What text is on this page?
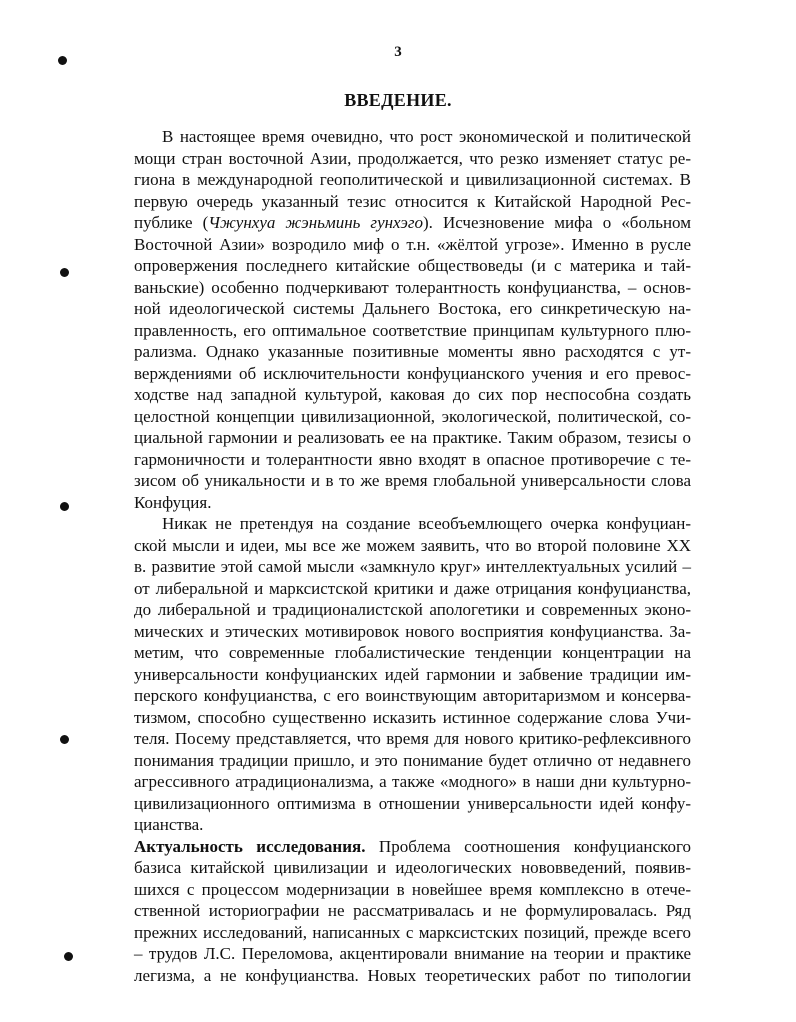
3
ВВЕДЕНИЕ.
В настоящее время очевидно, что рост экономической и политической
мощи стран восточной Азии, продолжается, что резко изменяет статус ре-
гиона в международной геополитической и цивилизационной системах. В
первую очередь указанный тезис относится к Китайской Народной Рес-
публике (Чжунхуа жэньминь гунхэго). Исчезновение мифа о «больном
Восточной Азии» возродило миф о т.н. «жёлтой угрозе». Именно в русле
опровержения последнего китайские обществоведы (и с материка и тай-
ваньские) особенно подчеркивают толерантность конфуцианства, – основ-
ной идеологической системы Дальнего Востока, его синкретическую на-
правленность, его оптимальное соответствие принципам культурного плю-
рализма. Однако указанные позитивные моменты явно расходятся с ут-
верждениями об исключительности конфуцианского учения и его превос-
ходстве над западной культурой, каковая до сих пор неспособна создать
целостной концепции цивилизационной, экологической, политической, со-
циальной гармонии и реализовать ее на практике. Таким образом, тезисы о
гармоничности и толерантности явно входят в опасное противоречие с те-
зисом об уникальности и в то же время глобальной универсальности слова
Конфуция.
Никак не претендуя на создание всеобъемлющего очерка конфуциан-
ской мысли и идеи, мы все же можем заявить, что во второй половине XX
в. развитие этой самой мысли «замкнуло круг» интеллектуальных усилий –
от либеральной и марксистской критики и даже отрицания конфуцианства,
до либеральной и традиционалистской апологетики и современных эконо-
мических и этических мотивировок нового восприятия конфуцианства. За-
метим, что современные глобалистические тенденции концентрации на
универсальности конфуцианских идей гармонии и забвение традиции им-
перского конфуцианства, с его воинствующим авторитаризмом и консерва-
тизмом, способно существенно исказить истинное содержание слова Учи-
теля. Посему представляется, что время для нового критико-рефлексивного
понимания традиции пришло, и это понимание будет отлично от недавнего
агрессивного атрадиционализма, а также «модного» в наши дни культурно-
цивилизационного оптимизма в отношении универсальности идей конфу-
цианства.
Актуальность исследования. Проблема соотношения конфуцианского
базиса китайской цивилизации и идеологических нововведений, появив-
шихся с процессом модернизации в новейшее время комплексно в отече-
ственной историографии не рассматривалась и не формулировалась. Ряд
прежних исследований, написанных с марксистских позиций, прежде всего
– трудов Л.С. Переломова, акцентировали внимание на теории и практике
легизма, а не конфуцианства. Новых теоретических работ по типологии
